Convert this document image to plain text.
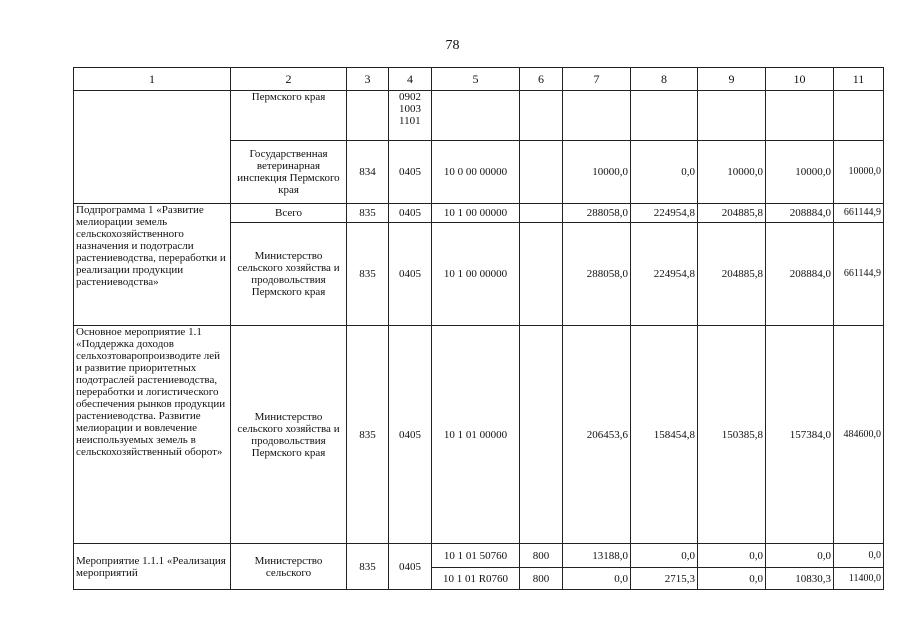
78
1	2	3	4	5	6	7	8	9	10	11
	Пермского края		0902 1003 1101							
	Государственная ветеринарная инспекция Пермского края	834	0405	10 0 00 00000		10000,0	0,0	10000,0	10000,0	10000,0
Подпрограмма 1 «Развитие мелиорации земель сельскохозяйственного назначения и подотрасли растениеводства, переработки и реализации продукции растениеводства»	Всего	835	0405	10 1 00 00000		288058,0	224954,8	204885,8	208884,0	661144,9
	Министерство сельского хозяйства и продовольствия Пермского края	835	0405	10 1 00 00000		288058,0	224954,8	204885,8	208884,0	661144,9
Основное мероприятие 1.1 «Поддержка доходов сельхозтоваропроизводите лей и развитие приоритетных подотраслей растениеводства, переработки и логистического обеспечения рынков продукции растениеводства. Развитие мелиорации и вовлечение неиспользуемых земель в сельскохозяйственный оборот»	Министерство сельского хозяйства и продовольствия Пермского края	835	0405	10 1 01 00000		206453,6	158454,8	150385,8	157384,0	484600,0
Мероприятие 1.1.1 «Реализация мероприятий	Министерство сельского	835	0405	10 1 01 50760	800	13188,0	0,0	0,0	0,0	0,0
				10 1 01 R0760	800	0,0	2715,3	0,0	10830,3	11400,0
